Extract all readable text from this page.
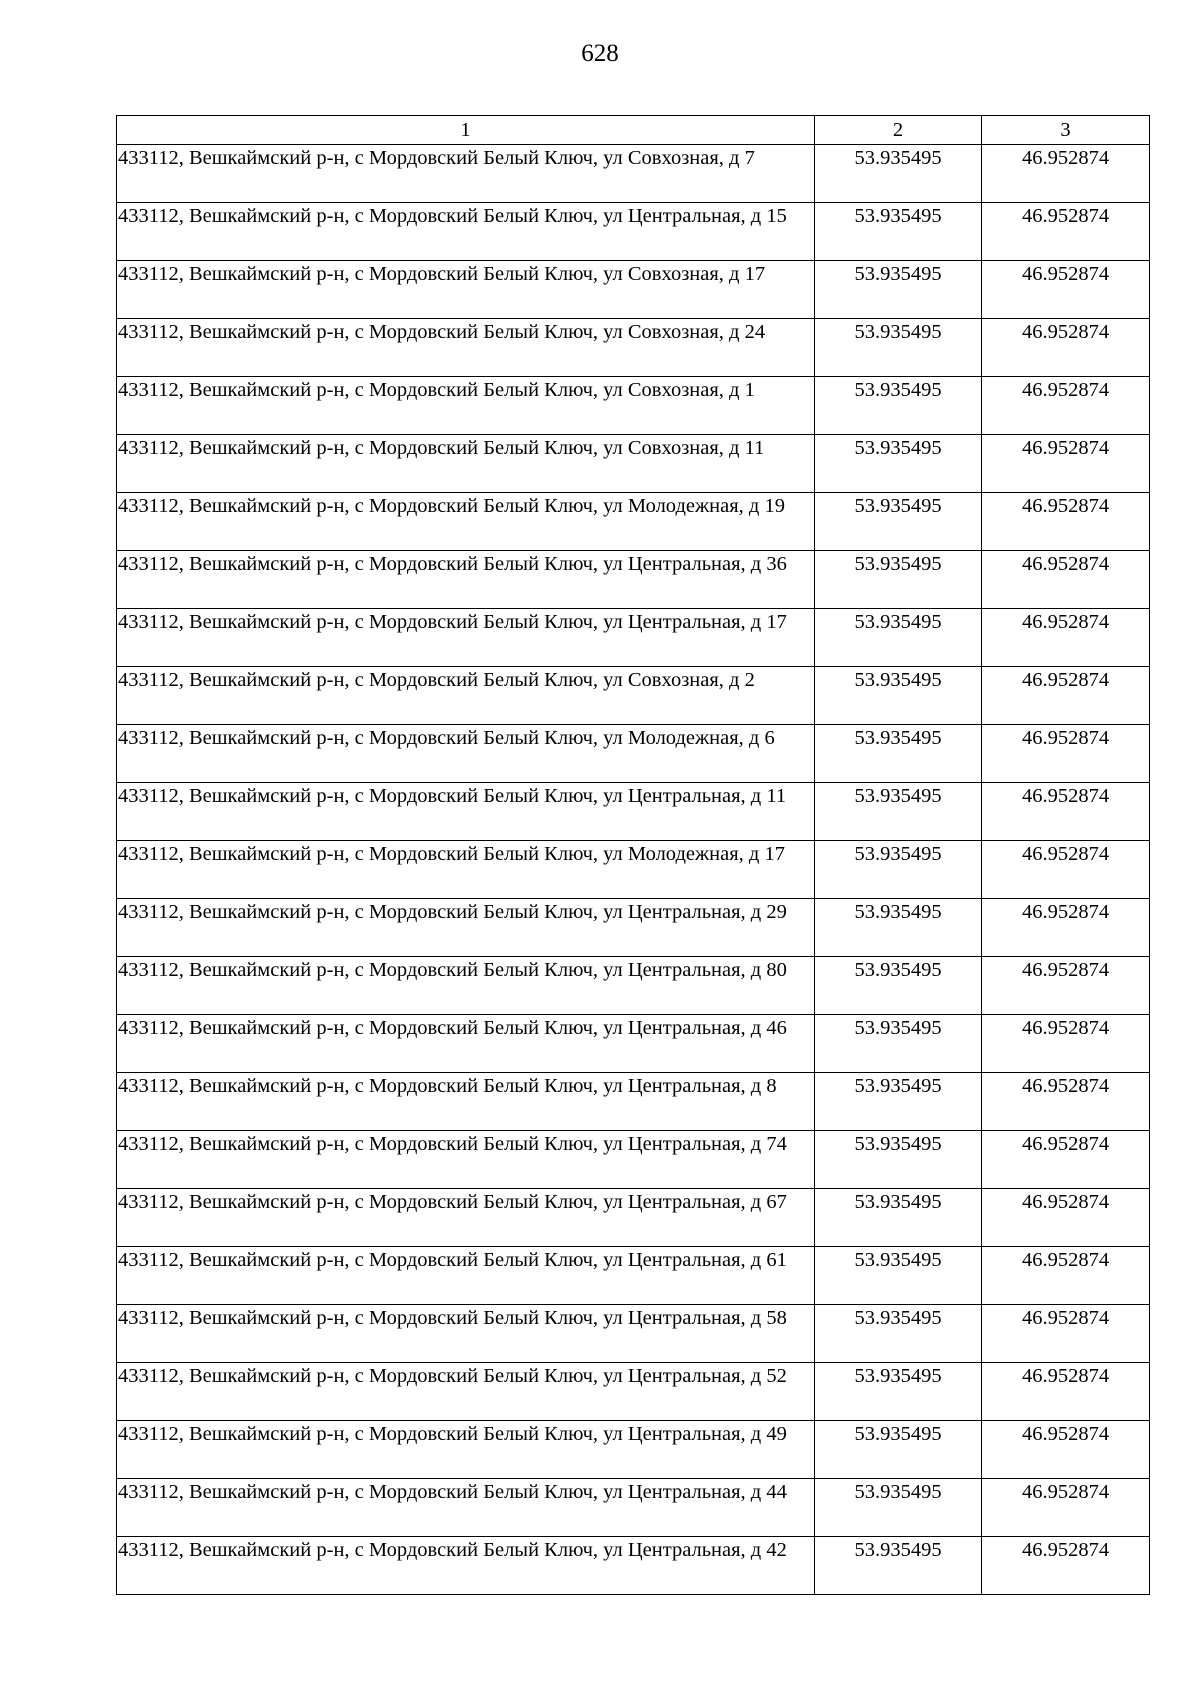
628
1	2	3
433112, Вешкаймский р-н, с Мордовский Белый Ключ, ул Совхозная, д 7	53.935495	46.952874
433112, Вешкаймский р-н, с Мордовский Белый Ключ, ул Центральная, д 15	53.935495	46.952874
433112, Вешкаймский р-н, с Мордовский Белый Ключ, ул Совхозная, д 17	53.935495	46.952874
433112, Вешкаймский р-н, с Мордовский Белый Ключ, ул Совхозная, д 24	53.935495	46.952874
433112, Вешкаймский р-н, с Мордовский Белый Ключ, ул Совхозная, д 1	53.935495	46.952874
433112, Вешкаймский р-н, с Мордовский Белый Ключ, ул Совхозная, д 11	53.935495	46.952874
433112, Вешкаймский р-н, с Мордовский Белый Ключ, ул Молодежная, д 19	53.935495	46.952874
433112, Вешкаймский р-н, с Мордовский Белый Ключ, ул Центральная, д 36	53.935495	46.952874
433112, Вешкаймский р-н, с Мордовский Белый Ключ, ул Центральная, д 17	53.935495	46.952874
433112, Вешкаймский р-н, с Мордовский Белый Ключ, ул Совхозная, д 2	53.935495	46.952874
433112, Вешкаймский р-н, с Мордовский Белый Ключ, ул Молодежная, д 6	53.935495	46.952874
433112, Вешкаймский р-н, с Мордовский Белый Ключ, ул Центральная, д 11	53.935495	46.952874
433112, Вешкаймский р-н, с Мордовский Белый Ключ, ул Молодежная, д 17	53.935495	46.952874
433112, Вешкаймский р-н, с Мордовский Белый Ключ, ул Центральная, д 29	53.935495	46.952874
433112, Вешкаймский р-н, с Мордовский Белый Ключ, ул Центральная, д 80	53.935495	46.952874
433112, Вешкаймский р-н, с Мордовский Белый Ключ, ул Центральная, д 46	53.935495	46.952874
433112, Вешкаймский р-н, с Мордовский Белый Ключ, ул Центральная, д 8	53.935495	46.952874
433112, Вешкаймский р-н, с Мордовский Белый Ключ, ул Центральная, д 74	53.935495	46.952874
433112, Вешкаймский р-н, с Мордовский Белый Ключ, ул Центральная, д 67	53.935495	46.952874
433112, Вешкаймский р-н, с Мордовский Белый Ключ, ул Центральная, д 61	53.935495	46.952874
433112, Вешкаймский р-н, с Мордовский Белый Ключ, ул Центральная, д 58	53.935495	46.952874
433112, Вешкаймский р-н, с Мордовский Белый Ключ, ул Центральная, д 52	53.935495	46.952874
433112, Вешкаймский р-н, с Мордовский Белый Ключ, ул Центральная, д 49	53.935495	46.952874
433112, Вешкаймский р-н, с Мордовский Белый Ключ, ул Центральная, д 44	53.935495	46.952874
433112, Вешкаймский р-н, с Мордовский Белый Ключ, ул Центральная, д 42	53.935495	46.952874
